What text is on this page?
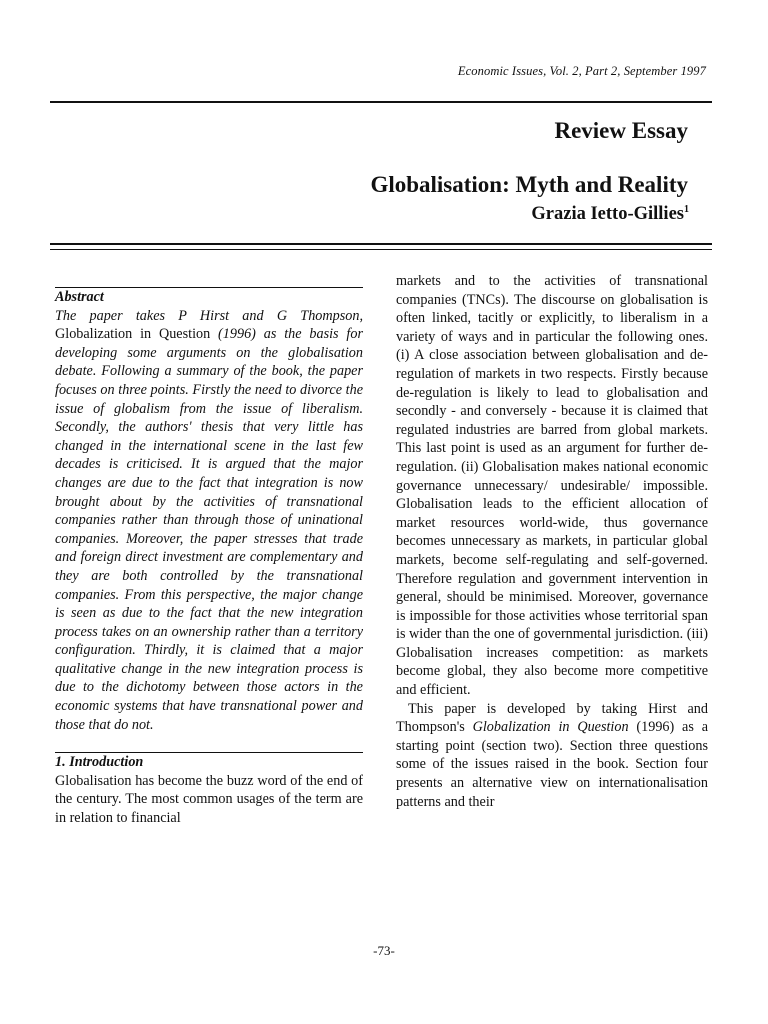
Economic Issues, Vol. 2, Part 2, September 1997
Review Essay
Globalisation: Myth and Reality
Grazia Ietto-Gillies$^1$
Abstract

The paper takes P Hirst and G Thompson, Globalization in Question (1996) as the basis for developing some arguments on the globalisation debate. Following a summary of the book, the paper focuses on three points. Firstly the need to divorce the issue of globalism from the issue of liberalism. Secondly, the authors' thesis that very little has changed in the international scene in the last few decades is criticised. It is argued that the major changes are due to the fact that integration is now brought about by the activities of transnational companies rather than through those of uninational companies. Moreover, the paper stresses that trade and foreign direct investment are complementary and they are both controlled by the transnational companies. From this perspective, the major change is seen as due to the fact that the new integration process takes on an ownership rather than a territory configuration. Thirdly, it is claimed that a major qualitative change in the new integration process is due to the dichotomy between those actors in the economic systems that have transnational power and those that do not.

1. Introduction

Globalisation has become the buzz word of the end of the century. The most common usages of the term are in relation to financial

markets and to the activities of transnational companies (TNCs). The discourse on globalisation is often linked, tacitly or explicitly, to liberalism in a variety of ways and in particular the following ones. (i) A close association between globalisation and de-regulation of markets in two respects. Firstly because de-regulation is likely to lead to globalisation and secondly - and conversely - because it is claimed that regulated industries are barred from global markets. This last point is used as an argument for further de-regulation. (ii) Globalisation makes national economic governance unnecessary/ undesirable/ impossible. Globalisation leads to the efficient allocation of market resources world-wide, thus governance becomes unnecessary as markets, in particular global markets, become self-regulating and self-governed. Therefore regulation and government intervention in general, should be minimised. Moreover, governance is impossible for those activities whose territorial span is wider than the one of governmental jurisdiction. (iii) Globalisation increases competition: as markets become global, they also become more competitive and efficient.

This paper is developed by taking Hirst and Thompson's Globalization in Question (1996) as a starting point (section two). Section three questions some of the issues raised in the book. Section four presents an alternative view on internationalisation patterns and their

-73-
